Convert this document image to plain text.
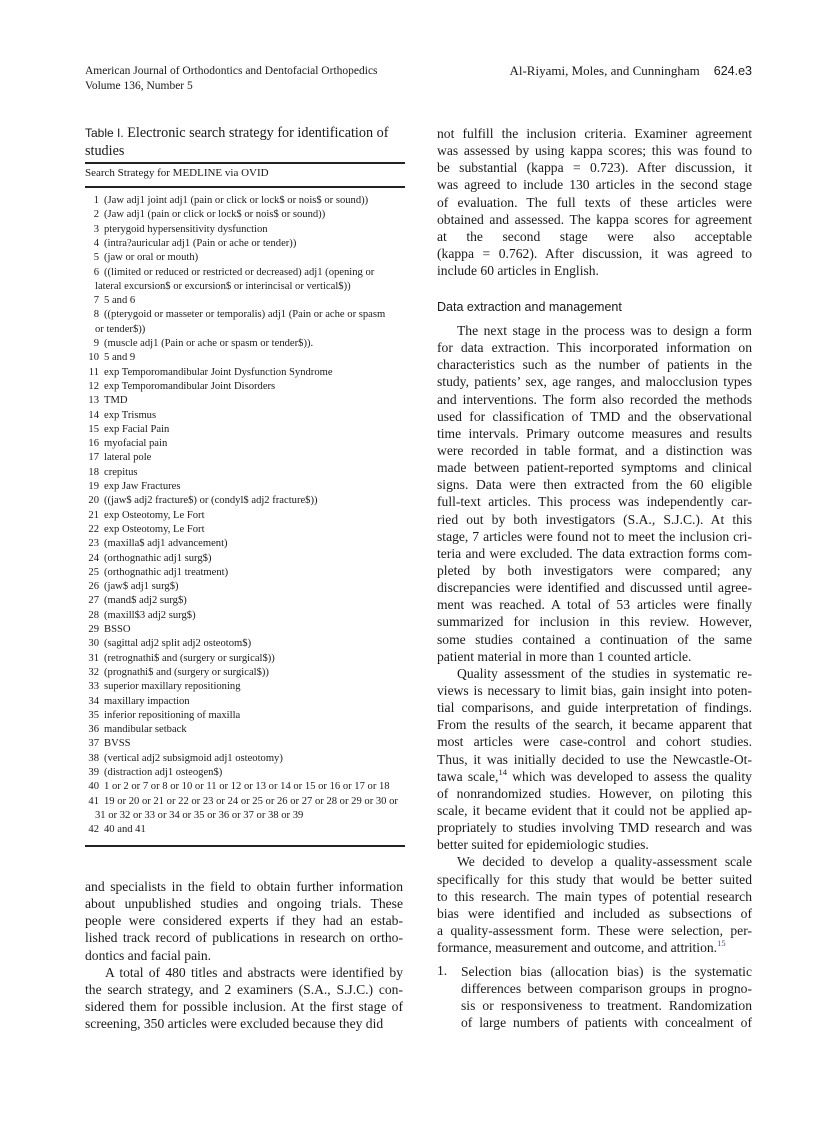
American Journal of Orthodontics and Dentofacial Orthopedics
Volume 136, Number 5
Al-Riyami, Moles, and Cunningham 624.e3
Table I. Electronic search strategy for identification of
studies
Search Strategy for MEDLINE via OVID
1 (Jaw adj1 joint adj1 (pain or click or lock$ or nois$ or sound))
2 (Jaw adj1 (pain or click or lock$ or nois$ or sound))
3 pterygoid hypersensitivity dysfunction
4 (intra?auricular adj1 (Pain or ache or tender))
5 (jaw or oral or mouth)
6 ((limited or reduced or restricted or decreased) adj1 (opening or
lateral excursion$ or excursion$ or interincisal or vertical$))
7 5 and 6
8 ((pterygoid or masseter or temporalis) adj1 (Pain or ache or spasm
or tender$))
9 (muscle adj1 (Pain or ache or spasm or tender$)).
10 5 and 9
11 exp Temporomandibular Joint Dysfunction Syndrome
12 exp Temporomandibular Joint Disorders
13 TMD
14 exp Trismus
15 exp Facial Pain
16 myofacial pain
17 lateral pole
18 crepitus
19 exp Jaw Fractures
20 ((jaw$ adj2 fracture$) or (condyl$ adj2 fracture$))
21 exp Osteotomy, Le Fort
22 exp Osteotomy, Le Fort
23 (maxilla$ adj1 advancement)
24 (orthognathic adj1 surg$)
25 (orthognathic adj1 treatment)
26 (jaw$ adj1 surg$)
27 (mand$ adj2 surg$)
28 (maxill$3 adj2 surg$)
29 BSSO
30 (sagittal adj2 split adj2 osteotom$)
31 (retrognathi$ and (surgery or surgical$))
32 (prognathi$ and (surgery or surgical$))
33 superior maxillary repositioning
34 maxillary impaction
35 inferior repositioning of maxilla
36 mandibular setback
37 BVSS
38 (vertical adj2 subsigmoid adj1 osteotomy)
39 (distraction adj1 osteogen$)
40 1 or 2 or 7 or 8 or 10 or 11 or 12 or 13 or 14 or 15 or 16 or 17 or 18
41 19 or 20 or 21 or 22 or 23 or 24 or 25 or 26 or 27 or 28 or 29 or 30 or
31 or 32 or 33 or 34 or 35 or 36 or 37 or 38 or 39
42 40 and 41
and specialists in the field to obtain further information
about unpublished studies and ongoing trials. These
people were considered experts if they had an estab-
lished track record of publications in research on ortho-
dontics and facial pain.
A total of 480 titles and abstracts were identified by
the search strategy, and 2 examiners (S.A., S.J.C.) con-
sidered them for possible inclusion. At the first stage of
screening, 350 articles were excluded because they did
not fulfill the inclusion criteria. Examiner agreement
was assessed by using kappa scores; this was found to
be substantial (kappa = 0.723). After discussion, it
was agreed to include 130 articles in the second stage
of evaluation. The full texts of these articles were
obtained and assessed. The kappa scores for agreement
at the second stage were also acceptable
(kappa = 0.762). After discussion, it was agreed to
include 60 articles in English.
Data extraction and management
The next stage in the process was to design a form
for data extraction. This incorporated information on
characteristics such as the number of patients in the
study, patients’ sex, age ranges, and malocclusion types
and interventions. The form also recorded the methods
used for classification of TMD and the observational
time intervals. Primary outcome measures and results
were recorded in table format, and a distinction was
made between patient-reported symptoms and clinical
signs. Data were then extracted from the 60 eligible
full-text articles. This process was independently car-
ried out by both investigators (S.A., S.J.C.). At this
stage, 7 articles were found not to meet the inclusion cri-
teria and were excluded. The data extraction forms com-
pleted by both investigators were compared; any
discrepancies were identified and discussed until agree-
ment was reached. A total of 53 articles were finally
summarized for inclusion in this review. However,
some studies contained a continuation of the same
patient material in more than 1 counted article.
Quality assessment of the studies in systematic re-
views is necessary to limit bias, gain insight into poten-
tial comparisons, and guide interpretation of findings.
From the results of the search, it became apparent that
most articles were case-control and cohort studies.
Thus, it was initially decided to use the Newcastle-Ot-
tawa scale,$^{14}$ which was developed to assess the quality
of nonrandomized studies. However, on piloting this
scale, it became evident that it could not be applied ap-
propriately to studies involving TMD research and was
better suited for epidemiologic studies.
We decided to develop a quality-assessment scale
specifically for this study that would be better suited
to this research. The main types of potential research
bias were identified and included as subsections of
a quality-assessment form. These were selection, per-
formance, measurement and outcome, and attrition.$^{15}$
1. Selection bias (allocation bias) is the systematic
differences between comparison groups in progno-
sis or responsiveness to treatment. Randomization
of large numbers of patients with concealment of
